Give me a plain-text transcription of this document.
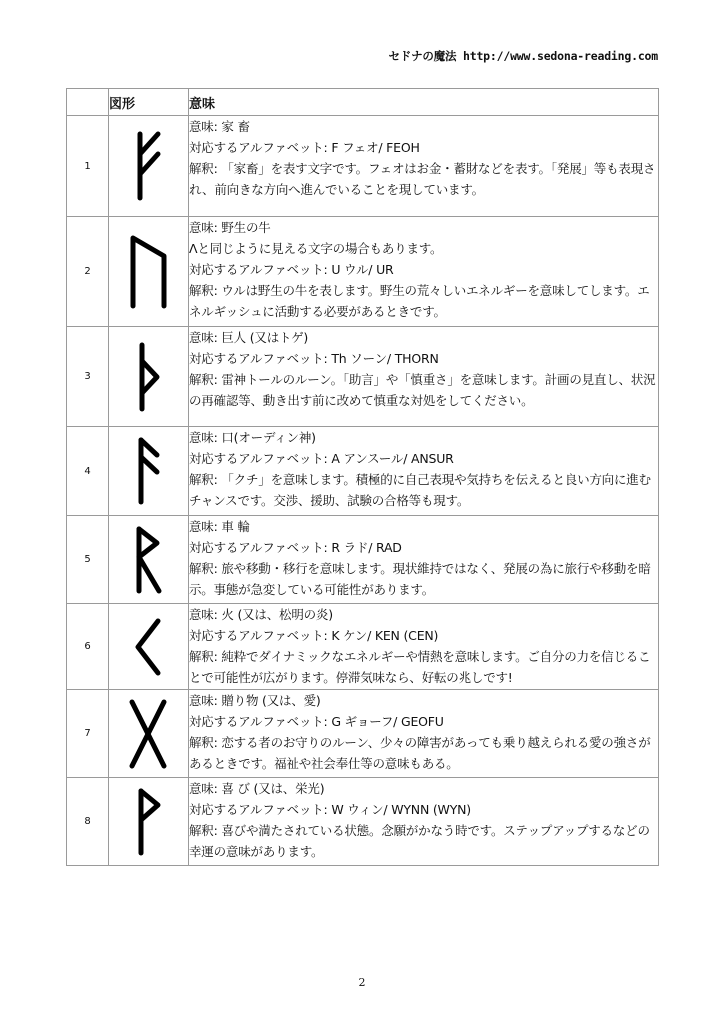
セドナの魔法 http://www.sedona-reading.com
	図形	意味
1		意味: 家 畜

対応するアルファベット: F フェオ/ FEOH

解釈: 「家畜」を表す文字です。フェオはお金・蓄財などを表す。「発展」等も表現され、前向きな方向へ進んでいることを現しています。

2		意味: 野生の牛

Λと同じように見える文字の場合もあります。

対応するアルファベット: U ウル/ UR

解釈: ウルは野生の牛を表します。野生の荒々しいエネルギーを意味してします。エネルギッシュに活動する必要があるときです。

3		意味: 巨人 (又はトゲ)

対応するアルファベット: Th ソーン/ THORN

解釈: 雷神トールのルーン。「助言」や「慎重さ」を意味します。計画の見直し、状況の再確認等、動き出す前に改めて慎重な対処をしてください。

4		意味: 口(オーディン神)

対応するアルファベット: A アンスール/ ANSUR

解釈: 「クチ」を意味します。積極的に自己表現や気持ちを伝えると良い方向に進むチャンスです。交渉、援助、試験の合格等も現す。

5		意味: 車 輪

対応するアルファベット: R ラド/ RAD

解釈: 旅や移動・移行を意味します。現状維持ではなく、発展の為に旅行や移動を暗示。事態が急変している可能性があります。

6		意味: 火 (又は、松明の炎)

対応するアルファベット: K ケン/ KEN (CEN)

解釈: 純粋でダイナミックなエネルギーや情熱を意味します。ご自分の力を信じることで可能性が広がります。停滞気味なら、好転の兆しです!

7		意味: 贈り物 (又は、愛)

対応するアルファベット: G ギョーフ/ GEOFU

解釈: 恋する者のお守りのルーン、少々の障害があっても乗り越えられる愛の強さがあるときです。福祉や社会奉仕等の意味もある。

8		意味: 喜 び (又は、栄光)

対応するアルファベット: W ウィン/ WYNN (WYN)

解釈: 喜びや満たされている状態。念願がかなう時です。ステップアップするなどの幸運の意味があります。

2
